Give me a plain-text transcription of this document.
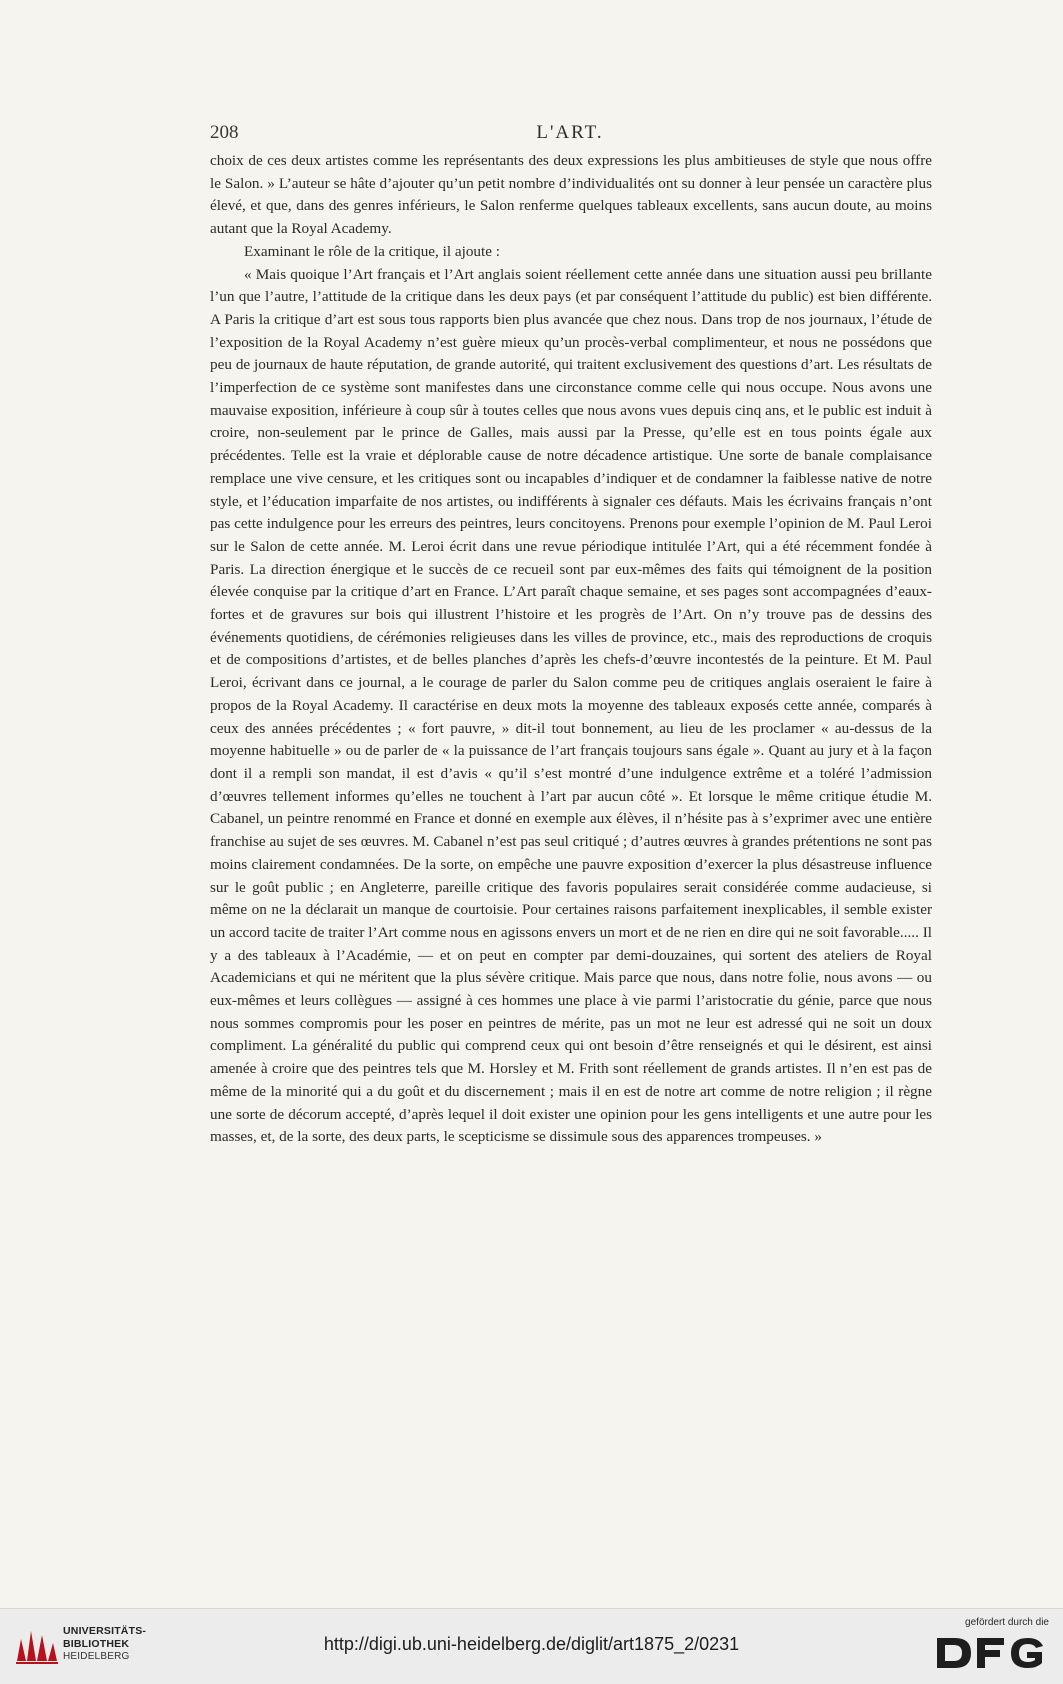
208	L'ART.

choix de ces deux artistes comme les représentants des deux expressions les plus ambitieuses de style que nous offre le Salon. » L’auteur se hâte d’ajouter qu’un petit nombre d’individualités ont su donner à leur pensée un caractère plus élevé, et que, dans des genres inférieurs, le Salon renferme quelques tableaux excellents, sans aucun doute, au moins autant que la Royal Academy.

Examinant le rôle de la critique, il ajoute :

« Mais quoique l’Art français et l’Art anglais soient réellement cette année dans une situation aussi peu brillante l’un que l’autre, l’attitude de la critique dans les deux pays (et par conséquent l’attitude du public) est bien différente. A Paris la critique d’art est sous tous rapports bien plus avancée que chez nous. Dans trop de nos journaux, l’étude de l’exposition de la Royal Academy n’est guère mieux qu’un procès-verbal complimenteur, et nous ne possédons que peu de journaux de haute réputation, de grande autorité, qui traitent exclusivement des questions d’art. Les résultats de l’imperfection de ce système sont manifestes dans une circonstance comme celle qui nous occupe. Nous avons une mauvaise exposition, inférieure à coup sûr à toutes celles que nous avons vues depuis cinq ans, et le public est induit à croire, non-seulement par le prince de Galles, mais aussi par la Presse, qu’elle est en tous points égale aux précédentes. Telle est la vraie et déplorable cause de notre décadence artistique. Une sorte de banale complaisance remplace une vive censure, et les critiques sont ou incapables d’indiquer et de condamner la faiblesse native de notre style, et l’éducation imparfaite de nos artistes, ou indifférents à signaler ces défauts. Mais les écrivains français n’ont pas cette indulgence pour les erreurs des peintres, leurs concitoyens. Prenons pour exemple l’opinion de M. Paul Leroi sur le Salon de cette année. M. Leroi écrit dans une revue périodique intitulée l’Art, qui a été récemment fondée à Paris. La direction énergique et le succès de ce recueil sont par eux-mêmes des faits qui témoignent de la position élevée conquise par la critique d’art en France. L’Art paraît chaque semaine, et ses pages sont accompagnées d’eaux-fortes et de gravures sur bois qui illustrent l’histoire et les progrès de l’Art. On n’y trouve pas de dessins des événements quotidiens, de cérémonies religieuses dans les villes de province, etc., mais des reproductions de croquis et de compositions d’artistes, et de belles planches d’après les chefs-d’œuvre incontestés de la peinture. Et M. Paul Leroi, écrivant dans ce journal, a le courage de parler du Salon comme peu de critiques anglais oseraient le faire à propos de la Royal Academy. Il caractérise en deux mots la moyenne des tableaux exposés cette année, comparés à ceux des années précédentes ; « fort pauvre, » dit-il tout bonnement, au lieu de les proclamer « au-dessus de la moyenne habituelle » ou de parler de « la puissance de l’art français toujours sans égale ». Quant au jury et à la façon dont il a rempli son mandat, il est d’avis « qu’il s’est montré d’une indulgence extrême et a toléré l’admission d’œuvres tellement informes qu’elles ne touchent à l’art par aucun côté ». Et lorsque le même critique étudie M. Cabanel, un peintre renommé en France et donné en exemple aux élèves, il n’hésite pas à s’exprimer avec une entière franchise au sujet de ses œuvres. M. Cabanel n’est pas seul critiqué ; d’autres œuvres à grandes prétentions ne sont pas moins clairement condamnées. De la sorte, on empêche une pauvre exposition d’exercer la plus désastreuse influence sur le goût public ; en Angleterre, pareille critique des favoris populaires serait considérée comme audacieuse, si même on ne la déclarait un manque de courtoisie. Pour certaines raisons parfaitement inexplicables, il semble exister un accord tacite de traiter l’Art comme nous en agissons envers un mort et de ne rien en dire qui ne soit favorable..... Il y a des tableaux à l’Académie, — et on peut en compter par demi-douzaines, qui sortent des ateliers de Royal Academicians et qui ne méritent que la plus sévère critique. Mais parce que nous, dans notre folie, nous avons — ou eux-mêmes et leurs collègues — assigné à ces hommes une place à vie parmi l’aristocratie du génie, parce que nous nous sommes compromis pour les poser en peintres de mérite, pas un mot ne leur est adressé qui ne soit un doux compliment. La généralité du public qui comprend ceux qui ont besoin d’être renseignés et qui le désirent, est ainsi amenée à croire que des peintres tels que M. Horsley et M. Frith sont réellement de grands artistes. Il n’en est pas de même de la minorité qui a du goût et du discernement ; mais il en est de notre art comme de notre religion ; il règne une sorte de décorum accepté, d’après lequel il doit exister une opinion pour les gens intelligents et une autre pour les masses, et, de la sorte, des deux parts, le scepticisme se dissimule sous des apparences trompeuses. »

UNIVERSITÄTS-
BIBLIOTHEK
HEIDELBERG
http://digi.ub.uni-heidelberg.de/diglit/art1875_2/0231
gefördert durch die
